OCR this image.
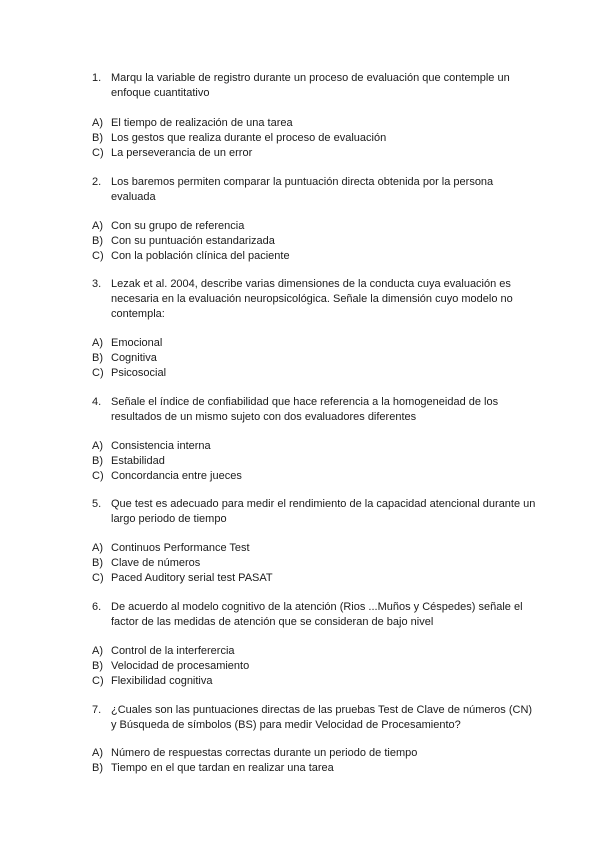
1. Marqu la variable de registro durante un proceso de evaluación que contemple un enfoque cuantitativo
A) El tiempo de realización de una tarea
B) Los gestos que realiza durante el proceso de evaluación
C) La perseverancia de un error
2. Los baremos permiten comparar la puntuación directa obtenida por la persona evaluada
A) Con su grupo de referencia
B) Con su puntuación estandarizada
C) Con la población clínica del paciente
3. Lezak et al. 2004, describe varias dimensiones de la conducta cuya evaluación es necesaria en la evaluación neuropsicológica. Señale la dimensión cuyo modelo no contempla:
A) Emocional
B) Cognitiva
C) Psicosocial
4. Señale el índice de confiabilidad que hace referencia a la homogeneidad de los resultados de un mismo sujeto con dos evaluadores diferentes
A) Consistencia interna
B) Estabilidad
C) Concordancia entre jueces
5. Que test es adecuado para medir el rendimiento de la capacidad atencional durante un largo periodo de tiempo
A) Continuos Performance Test
B) Clave de números
C) Paced Auditory serial test PASAT
6. De acuerdo al modelo cognitivo de la atención (Rios ...Muños y Céspedes) señale el factor de las medidas de atención que se consideran de bajo nivel
A) Control de la interferercia
B) Velocidad de procesamiento
C) Flexibilidad cognitiva
7. ¿Cuales son las puntuaciones directas de las pruebas Test de Clave de números (CN) y Búsqueda de símbolos (BS) para medir Velocidad de Procesamiento?
A) Número de respuestas correctas durante un periodo de tiempo
B) Tiempo en el que tardan en realizar una tarea
